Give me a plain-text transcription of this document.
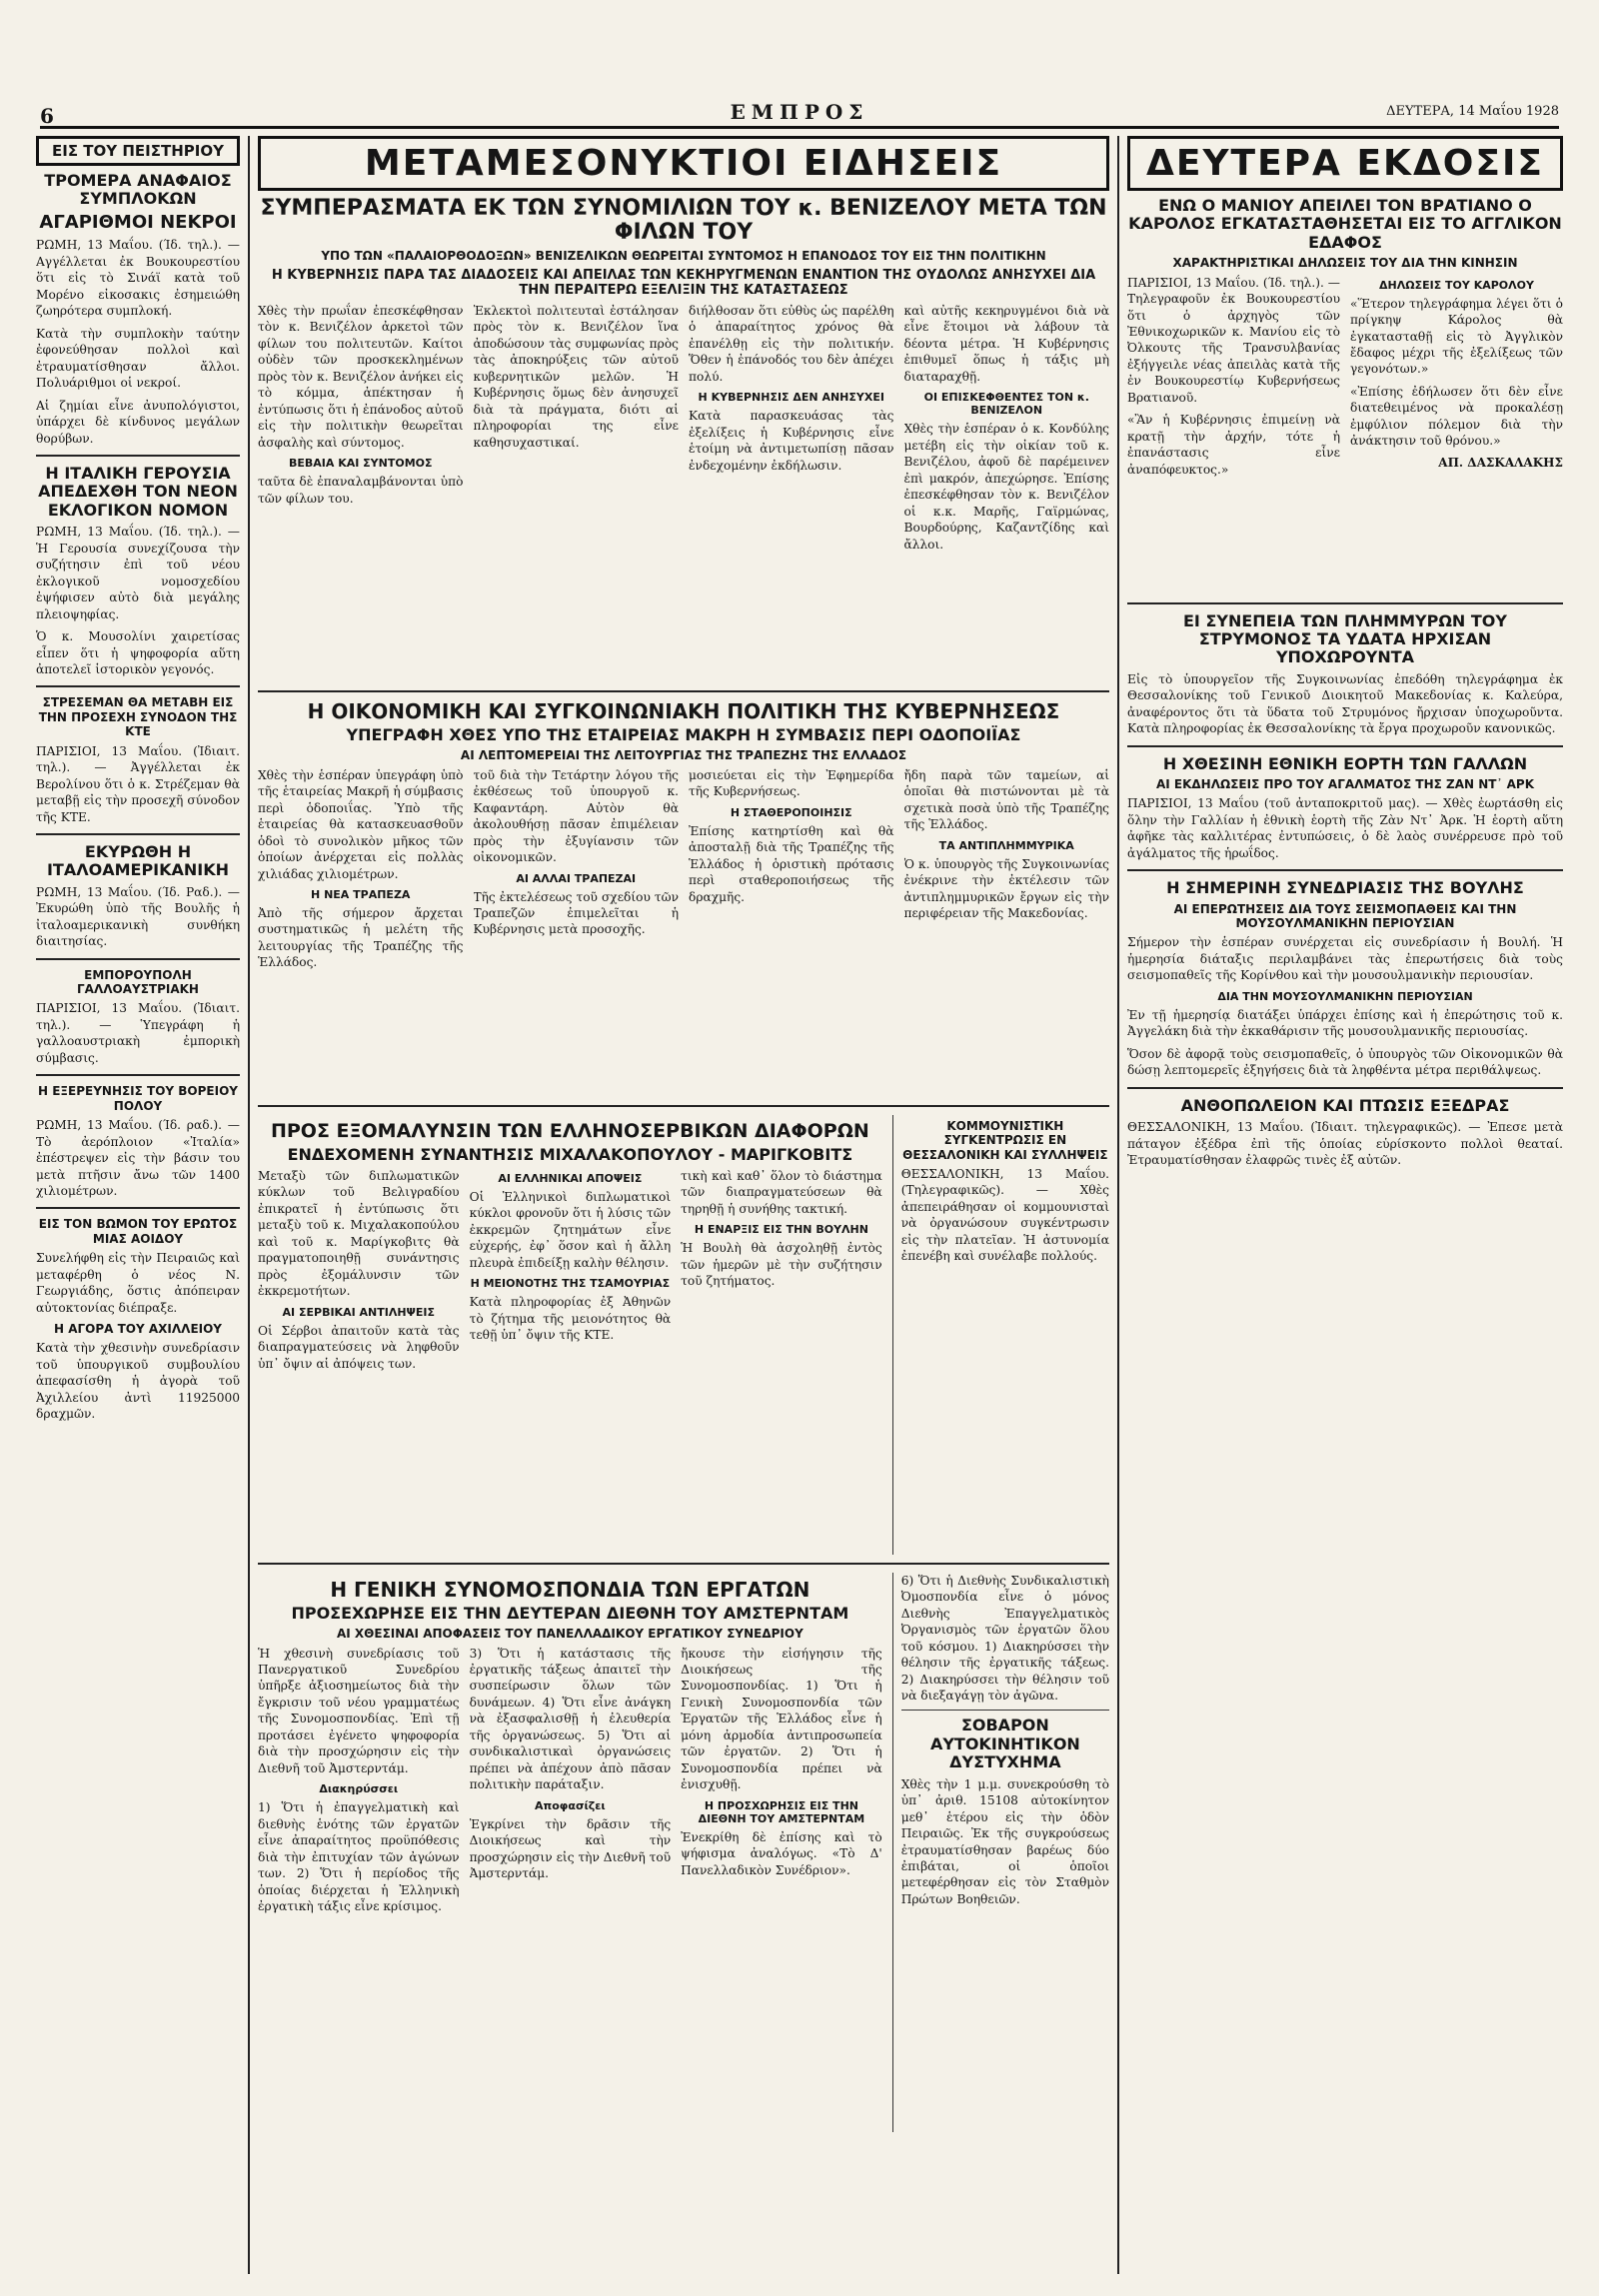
6	ΕΜΠΡΟΣ	ΔΕΥΤΕΡΑ, 14 Μαΐου 1928
ΕΙΣ ΤΟΥ ΠΕΙΣΤΗΡΙΟΥ
ΤΡΟΜΕΡΑ ΑΝΑΦΑΙΟΣ ΣΥΜΠΛΟΚΩΝ
ΑΓΑΡΙΘΜΟΙ ΝΕΚΡΟΙ

ΡΩΜΗ, 13 Μαΐου. (Ίδ. τηλ.). — Αγγέλλεται ἐκ Βουκουρεστίου ὅτι εἰς τὸ Σινάϊ κατὰ τοῦ Μορένο εἰκοσακις ἐσημειώθη ζωηρότερα συμπλοκή.

Κατὰ τὴν συμπλοκὴν ταύτην ἐφονεύθησαν πολλοὶ καὶ ἐτραυματίσθησαν ἄλλοι. Πολυάριθμοι οἱ νεκροί.

Αἱ ζημίαι εἶνε ἀνυπολόγιστοι, ὑπάρχει δὲ κίνδυνος μεγάλων θορύβων.

Η ΙΤΑΛΙΚΗ ΓΕΡΟΥΣΙΑ ΑΠΕΔΕΧΘΗ ΤΟΝ ΝΕΟΝ ΕΚΛΟΓΙΚΟΝ ΝΟΜΟΝ

ΡΩΜΗ, 13 Μαΐου. (Ίδ. τηλ.). — Ἡ Γερουσία συνεχίζουσα τὴν συζήτησιν ἐπὶ τοῦ νέου ἐκλογικοῦ νομοσχεδίου ἐψήφισεν αὐτὸ διὰ μεγάλης πλειοψηφίας.

Ὁ κ. Μουσολίνι χαιρετίσας εἶπεν ὅτι ἡ ψηφοφορία αὕτη ἀποτελεῖ ἱστορικὸν γεγονός.

ΣΤΡΕΣΕΜΑΝ ΘΑ ΜΕΤΑΒΗ ΕΙΣ ΤΗΝ ΠΡΟΣΕΧΗ ΣΥΝΟΔΟΝ ΤΗΣ ΚΤΕ

ΠΑΡΙΣΙΟΙ, 13 Μαΐου. (Ἰδιαιτ. τηλ.). — Ἀγγέλλεται ἐκ Βερολίνου ὅτι ὁ κ. Στρέζεμαν θὰ μεταβῇ εἰς τὴν προσεχῆ σύνοδον τῆς ΚΤΕ.

ΕΚΥΡΩΘΗ Η ΙΤΑΛΟΑΜΕΡΙΚΑΝΙΚΗ

ΡΩΜΗ, 13 Μαΐου. (Ίδ. Ραδ.). — Ἐκυρώθη ὑπὸ τῆς Βουλῆς ἡ ἰταλοαμερικανικὴ συνθήκη διαιτησίας.

ΕΜΠΟΡΟΥΠΟΛΗ ΓΑΛΛΟΑΥΣΤΡΙΑΚΗ

ΠΑΡΙΣΙΟΙ, 13 Μαΐου. (Ἰδιαιτ. τηλ.). — Ὑπεγράφη ἡ γαλλοαυστριακὴ ἐμπορικὴ σύμβασις.

Η ΕΞΕΡΕΥΝΗΣΙΣ ΤΟΥ ΒΟΡΕΙΟΥ ΠΟΛΟΥ

ΡΩΜΗ, 13 Μαΐου. (Ίδ. ραδ.). — Τὸ ἀερόπλοιον «Ἰταλία» ἐπέστρεψεν εἰς τὴν βάσιν του μετὰ πτῆσιν ἄνω τῶν 1400 χιλιομέτρων.

ΕΙΣ ΤΟΝ ΒΩΜΟΝ ΤΟΥ ΕΡΩΤΟΣ ΜΙΑΣ ΑΟΙΔΟΥ

Συνελήφθη εἰς τὴν Πειραιῶς καὶ μεταφέρθη ὁ νέος Ν. Γεωργιάδης, ὅστις ἀπόπειραν αὐτοκτονίας διέπραξε.

Η ΑΓΟΡΑ ΤΟΥ ΑΧΙΛΛΕΙΟΥ

Κατὰ τὴν χθεσινὴν συνεδρίασιν τοῦ ὑπουργικοῦ συμβουλίου ἀπεφασίσθη ἡ ἀγορὰ τοῦ Ἀχιλλείου ἀντὶ 11925000 δραχμῶν.

ΜΕΤΑΜΕΣΟΝΥΚΤΙΟΙ ΕΙΔΗΣΕΙΣ
ΣΥΜΠΕΡΑΣΜΑΤΑ ΕΚ ΤΩΝ ΣΥΝΟΜΙΛΙΩΝ ΤΟΥ κ. ΒΕΝΙΖΕΛΟΥ ΜΕΤΑ ΤΩΝ ΦΙΛΩΝ ΤΟΥ
ΥΠΟ ΤΩΝ «ΠΑΛΑΙΟΡΘΟΔΟΞΩΝ» ΒΕΝΙΖΕΛΙΚΩΝ ΘΕΩΡΕΙΤΑΙ ΣΥΝΤΟΜΟΣ Η ΕΠΑΝΟΔΟΣ ΤΟΥ ΕΙΣ ΤΗΝ ΠΟΛΙΤΙΚΗΝ
Η ΚΥΒΕΡΝΗΣΙΣ ΠΑΡΑ ΤΑΣ ΔΙΑΔΟΣΕΙΣ ΚΑΙ ΑΠΕΙΛΑΣ ΤΩΝ ΚΕΚΗΡΥΓΜΕΝΩΝ ΕΝΑΝΤΙΟΝ ΤΗΣ ΟΥΔΟΛΩΣ ΑΝΗΣΥΧΕΙ ΔΙΑ ΤΗΝ ΠΕΡΑΙΤΕΡΩ ΕΞΕΛΙΞΙΝ ΤΗΣ ΚΑΤΑΣΤΑΣΕΩΣ

Χθὲς τὴν πρωΐαν ἐπεσκέφθησαν τὸν κ. Βενιζέλον ἀρκετοὶ τῶν φίλων του πολιτευτῶν. Καίτοι οὐδὲν τῶν προσκεκλημένων πρὸς τὸν κ. Βενιζέλον ἀνήκει εἰς τὸ κόμμα, ἀπέκτησαν ἡ ἐντύπωσις ὅτι ἡ ἐπάνοδος αὐτοῦ εἰς τὴν πολιτικὴν θεωρεῖται ἀσφαλὴς καὶ σύντομος.

ΒΕΒΑΙΑ ΚΑΙ ΣΥΝΤΟΜΟΣ

ταῦτα δὲ ἐπαναλαμβάνονται ὑπὸ τῶν φίλων του.

Ἐκλεκτοὶ πολιτευταὶ ἐστάλησαν πρὸς τὸν κ. Βενιζέλον ἵνα ἀποδώσουν τὰς συμφωνίας πρὸς τὰς ἀποκηρύξεις τῶν αὐτοῦ κυβερνητικῶν μελῶν. Ἡ Κυβέρνησις ὅμως δὲν ἀνησυχεῖ διὰ τὰ πράγματα, διότι αἱ πληροφορίαι της εἶνε καθησυχαστικαί.

διήλθοσαν ὅτι εὐθὺς ὡς παρέλθη ὁ ἀπαραίτητος χρόνος θὰ ἐπανέλθῃ εἰς τὴν πολιτικήν. Ὅθεν ἡ ἐπάνοδός του δὲν ἀπέχει πολύ.

Η ΚΥΒΕΡΝΗΣΙΣ ΔΕΝ ΑΝΗΣΥΧΕΙ

Κατὰ παρασκευάσας τὰς ἐξελίξεις ἡ Κυβέρνησις εἶνε ἑτοίμη νὰ ἀντιμετωπίσῃ πᾶσαν ἐνδεχομένην ἐκδήλωσιν.

καὶ αὐτῆς κεκηρυγμένοι διὰ νὰ εἶνε ἕτοιμοι νὰ λάβουν τὰ δέοντα μέτρα. Ἡ Κυβέρνησις ἐπιθυμεῖ ὅπως ἡ τάξις μὴ διαταραχθῇ.

ΟΙ ΕΠΙΣΚΕΦΘΕΝΤΕΣ ΤΟΝ κ. ΒΕΝΙΖΕΛΟΝ

Χθὲς τὴν ἑσπέραν ὁ κ. Κονδύλης μετέβη εἰς τὴν οἰκίαν τοῦ κ. Βενιζέλου, ἀφοῦ δὲ παρέμεινεν ἐπὶ μακρόν, ἀπεχώρησε. Ἐπίσης ἐπεσκέφθησαν τὸν κ. Βενιζέλον οἱ κ.κ. Μαρῆς, Γαϊρμώνας, Βουρδούρης, Καζαντζίδης καὶ ἄλλοι.

Η ΟΙΚΟΝΟΜΙΚΗ ΚΑΙ ΣΥΓΚΟΙΝΩΝΙΑΚΗ ΠΟΛΙΤΙΚΗ ΤΗΣ ΚΥΒΕΡΝΗΣΕΩΣ
ΥΠΕΓΡΑΦΗ ΧΘΕΣ ΥΠΟ ΤΗΣ ΕΤΑΙΡΕΙΑΣ ΜΑΚΡΗ Η ΣΥΜΒΑΣΙΣ ΠΕΡΙ ΟΔΟΠΟΙΪΑΣ
ΑΙ ΛΕΠΤΟΜΕΡΕΙΑΙ ΤΗΣ ΛΕΙΤΟΥΡΓΙΑΣ ΤΗΣ ΤΡΑΠΕΖΗΣ ΤΗΣ ΕΛΛΑΔΟΣ

Χθὲς τὴν ἑσπέραν ὑπεγράφη ὑπὸ τῆς ἑταιρείας Μακρῆ ἡ σύμβασις περὶ ὁδοποιΐας. Ὑπὸ τῆς ἑταιρείας θὰ κατασκευασθοῦν ὁδοὶ τὸ συνολικὸν μῆκος τῶν ὁποίων ἀνέρχεται εἰς πολλὰς χιλιάδας χιλιομέτρων.

Η ΝΕΑ ΤΡΑΠΕΖΑ

Ἀπὸ τῆς σήμερον ἄρχεται συστηματικῶς ἡ μελέτη τῆς λειτουργίας τῆς Τραπέζης τῆς Ἑλλάδος.

τοῦ διὰ τὴν Τετάρτην λόγου τῆς ἐκθέσεως τοῦ ὑπουργοῦ κ. Καφαντάρη. Αὐτὸν θὰ ἀκολουθήσῃ πᾶσαν ἐπιμέλειαν πρὸς τὴν ἐξυγίανσιν τῶν οἰκονομικῶν.

ΑΙ ΑΛΛΑΙ ΤΡΑΠΕΖΑΙ

Τῆς ἐκτελέσεως τοῦ σχεδίου τῶν Τραπεζῶν ἐπιμελεῖται ἡ Κυβέρνησις μετὰ προσοχῆς.

μοσιεύεται εἰς τὴν Ἐφημερίδα τῆς Κυβερνήσεως.

Η ΣΤΑΘΕΡΟΠΟΙΗΣΙΣ

Ἐπίσης κατηρτίσθη καὶ θὰ ἀποσταλῇ διὰ τῆς Τραπέζης τῆς Ἑλλάδος ἡ ὁριστικὴ πρότασις περὶ σταθεροποιήσεως τῆς δραχμῆς.

ἤδη παρὰ τῶν ταμείων, αἱ ὁποῖαι θὰ πιστώνονται μὲ τὰ σχετικὰ ποσὰ ὑπὸ τῆς Τραπέζης τῆς Ἑλλάδος.

ΤΑ ΑΝΤΙΠΛΗΜΜΥΡΙΚΑ

Ὁ κ. ὑπουργὸς τῆς Συγκοινωνίας ἐνέκρινε τὴν ἐκτέλεσιν τῶν ἀντιπλημμυρικῶν ἔργων εἰς τὴν περιφέρειαν τῆς Μακεδονίας.

ΠΡΟΣ ΕΞΟΜΑΛΥΝΣΙΝ ΤΩΝ ΕΛΛΗΝΟΣΕΡΒΙΚΩΝ ΔΙΑΦΟΡΩΝ
ΕΝΔΕΧΟΜΕΝΗ ΣΥΝΑΝΤΗΣΙΣ ΜΙΧΑΛΑΚΟΠΟΥΛΟΥ - ΜΑΡΙΓΚΟΒΙΤΣ

Μεταξὺ τῶν διπλωματικῶν κύκλων τοῦ Βελιγραδίου ἐπικρατεῖ ἡ ἐντύπωσις ὅτι μεταξὺ τοῦ κ. Μιχαλακοπούλου καὶ τοῦ κ. Μαρίγκοβιτς θὰ πραγματοποιηθῇ συνάντησις πρὸς ἐξομάλυνσιν τῶν ἐκκρεμοτήτων.

ΑΙ ΣΕΡΒΙΚΑΙ ΑΝΤΙΛΗΨΕΙΣ

Οἱ Σέρβοι ἀπαιτοῦν κατὰ τὰς διαπραγματεύσεις νὰ ληφθοῦν ὑπ᾿ ὄψιν αἱ ἀπόψεις των.

ΑΙ ΕΛΛΗΝΙΚΑΙ ΑΠΟΨΕΙΣ

Οἱ Ἑλληνικοὶ διπλωματικοὶ κύκλοι φρονοῦν ὅτι ἡ λύσις τῶν ἐκκρεμῶν ζητημάτων εἶνε εὐχερής, ἐφ᾿ ὅσον καὶ ἡ ἄλλη πλευρὰ ἐπιδείξῃ καλὴν θέλησιν.

Η ΜΕΙΟΝΟΤΗΣ ΤΗΣ ΤΣΑΜΟΥΡΙΑΣ

Κατὰ πληροφορίας ἐξ Ἀθηνῶν τὸ ζήτημα τῆς μειονότητος θὰ τεθῇ ὑπ᾿ ὄψιν τῆς ΚΤΕ.

τικὴ καὶ καθ᾿ ὅλον τὸ διάστημα τῶν διαπραγματεύσεων θὰ τηρηθῇ ἡ συνήθης τακτική.

Η ΕΝΑΡΞΙΣ ΕΙΣ ΤΗΝ ΒΟΥΛΗΝ

Ἡ Βουλὴ θὰ ἀσχοληθῇ ἐντὸς τῶν ἡμερῶν μὲ τὴν συζήτησιν τοῦ ζητήματος.

ΚΟΜΜΟΥΝΙΣΤΙΚΗ ΣΥΓΚΕΝΤΡΩΣΙΣ ΕΝ ΘΕΣΣΑΛΟΝΙΚΗ ΚΑΙ ΣΥΛΛΗΨΕΙΣ

ΘΕΣΣΑΛΟΝΙΚΗ, 13 Μαΐου. (Τηλεγραφικῶς). — Χθὲς ἀπεπειράθησαν οἱ κομμουνισταὶ νὰ ὀργανώσουν συγκέντρωσιν εἰς τὴν πλατεῖαν. Ἡ ἀστυνομία ἐπενέβη καὶ συνέλαβε πολλούς.

Η ΓΕΝΙΚΗ ΣΥΝΟΜΟΣΠΟΝΔΙΑ ΤΩΝ ΕΡΓΑΤΩΝ
ΠΡΟΣΕΧΩΡΗΣΕ ΕΙΣ ΤΗΝ ΔΕΥΤΕΡΑΝ ΔΙΕΘΝΗ ΤΟΥ ΑΜΣΤΕΡΝΤΑΜ
ΑΙ ΧΘΕΣΙΝΑΙ ΑΠΟΦΑΣΕΙΣ ΤΟΥ ΠΑΝΕΛΛΑΔΙΚΟΥ ΕΡΓΑΤΙΚΟΥ ΣΥΝΕΔΡΙΟΥ

Ἡ χθεσινὴ συνεδρίασις τοῦ Πανεργατικοῦ Συνεδρίου ὑπῆρξε ἀξιοσημείωτος διὰ τὴν ἔγκρισιν τοῦ νέου γραμματέως τῆς Συνομοσπονδίας. Ἐπὶ τῇ προτάσει ἐγένετο ψηφοφορία διὰ τὴν προσχώρησιν εἰς τὴν Διεθνῆ τοῦ Ἀμστερντάμ.

Διακηρύσσει

1) Ὅτι ἡ ἐπαγγελματικὴ καὶ διεθνὴς ἑνότης τῶν ἐργατῶν εἶνε ἀπαραίτητος προϋπόθεσις διὰ τὴν ἐπιτυχίαν τῶν ἀγώνων των. 2) Ὅτι ἡ περίοδος τῆς ὁποίας διέρχεται ἡ Ἑλληνικὴ ἐργατικὴ τάξις εἶνε κρίσιμος.

3) Ὅτι ἡ κατάστασις τῆς ἐργατικῆς τάξεως ἀπαιτεῖ τὴν συσπείρωσιν ὅλων τῶν δυνάμεων. 4) Ὅτι εἶνε ἀνάγκη νὰ ἐξασφαλισθῇ ἡ ἐλευθερία τῆς ὀργανώσεως. 5) Ὅτι αἱ συνδικαλιστικαὶ ὀργανώσεις πρέπει νὰ ἀπέχουν ἀπὸ πᾶσαν πολιτικὴν παράταξιν.

Αποφασίζει

Ἐγκρίνει τὴν δρᾶσιν τῆς Διοικήσεως καὶ τὴν προσχώρησιν εἰς τὴν Διεθνῆ τοῦ Ἀμστερντάμ.

ἤκουσε τὴν εἰσήγησιν τῆς Διοικήσεως τῆς Συνομοσπονδίας. 1) Ὅτι ἡ Γενικὴ Συνομοσπονδία τῶν Ἐργατῶν τῆς Ἑλλάδος εἶνε ἡ μόνη ἀρμοδία ἀντιπροσωπεία τῶν ἐργατῶν. 2) Ὅτι ἡ Συνομοσπονδία πρέπει νὰ ἐνισχυθῇ.

Η ΠΡΟΣΧΩΡΗΣΙΣ ΕΙΣ ΤΗΝ ΔΙΕΘΝΗ ΤΟΥ ΑΜΣΤΕΡΝΤΑΜ

Ἐνεκρίθη δὲ ἐπίσης καὶ τὸ ψήφισμα ἀναλόγως. «Τὸ Δ' Πανελλαδικὸν Συνέδριον».

6) Ὅτι ἡ Διεθνὴς Συνδικαλιστικὴ Ὀμοσπονδία εἶνε ὁ μόνος Διεθνὴς Ἐπαγγελματικὸς Ὀργανισμὸς τῶν ἐργατῶν ὅλου τοῦ κόσμου. 1) Διακηρύσσει τὴν θέλησιν τῆς ἐργατικῆς τάξεως. 2) Διακηρύσσει τὴν θέλησιν τοῦ νὰ διεξαγάγῃ τὸν ἀγῶνα.

ΣΟΒΑΡΟΝ ΑΥΤΟΚΙΝΗΤΙΚΟΝ ΔΥΣΤΥΧΗΜΑ

Χθὲς τὴν 1 μ.μ. συνεκρούσθη τὸ ὑπ᾿ ἀριθ. 15108 αὐτοκίνητον μεθ᾿ ἑτέρου εἰς τὴν ὁδὸν Πειραιῶς. Ἐκ τῆς συγκρούσεως ἐτραυματίσθησαν βαρέως δύο ἐπιβάται, οἱ ὁποῖοι μετεφέρθησαν εἰς τὸν Σταθμὸν Πρώτων Βοηθειῶν.

ΔΕΥΤΕΡΑ ΕΚΔΟΣΙΣ
ΕΝΩ Ο ΜΑΝΙΟΥ ΑΠΕΙΛΕΙ ΤΟΝ ΒΡΑΤΙΑΝΟ Ο ΚΑΡΟΛΟΣ ΕΓΚΑΤΑΣΤΑΘΗΣΕΤΑΙ ΕΙΣ ΤΟ ΑΓΓΛΙΚΟΝ ΕΔΑΦΟΣ
ΧΑΡΑΚΤΗΡΙΣΤΙΚΑΙ ΔΗΛΩΣΕΙΣ ΤΟΥ ΔΙΑ ΤΗΝ ΚΙΝΗΣΙΝ

ΠΑΡΙΣΙΟΙ, 13 Μαΐου. (Ίδ. τηλ.). — Τηλεγραφοῦν ἐκ Βουκουρεστίου ὅτι ὁ ἀρχηγὸς τῶν Ἐθνικοχωρικῶν κ. Μανίου εἰς τὸ Ὀλκουτς τῆς Τρανσυλβανίας ἐξήγγειλε νέας ἀπειλὰς κατὰ τῆς ἐν Βουκουρεστίῳ Κυβερνήσεως Βρατιανοῦ.

«Ἂν ἡ Κυβέρνησις ἐπιμείνῃ νὰ κρατῇ τὴν ἀρχήν, τότε ἡ ἐπανάστασις εἶνε ἀναπόφευκτος.»

ΔΗΛΩΣΕΙΣ ΤΟΥ ΚΑΡΟΛΟΥ

«Ἕτερον τηλεγράφημα λέγει ὅτι ὁ πρίγκηψ Κάρολος θὰ ἐγκατασταθῇ εἰς τὸ Ἀγγλικὸν ἔδαφος μέχρι τῆς ἐξελίξεως τῶν γεγονότων.»

«Ἐπίσης ἐδήλωσεν ὅτι δὲν εἶνε διατεθειμένος νὰ προκαλέσῃ ἐμφύλιον πόλεμον διὰ τὴν ἀνάκτησιν τοῦ θρόνου.»

ΑΠ. ΔΑΣΚΑΛΑΚΗΣ
ΕΙ ΣΥΝΕΠΕΙΑ ΤΩΝ ΠΛΗΜΜΥΡΩΝ ΤΟΥ ΣΤΡΥΜΟΝΟΣ ΤΑ ΥΔΑΤΑ ΗΡΧΙΣΑΝ ΥΠΟΧΩΡΟΥΝΤΑ

Εἰς τὸ ὑπουργεῖον τῆς Συγκοινωνίας ἐπεδόθη τηλεγράφημα ἐκ Θεσσαλονίκης τοῦ Γενικοῦ Διοικητοῦ Μακεδονίας κ. Καλεύρα, ἀναφέροντος ὅτι τὰ ὕδατα τοῦ Στρυμόνος ἤρχισαν ὑποχωροῦντα. Κατὰ πληροφορίας ἐκ Θεσσαλονίκης τὰ ἔργα προχωροῦν κανονικῶς.

Η ΧΘΕΣΙΝΗ ΕΘΝΙΚΗ ΕΟΡΤΗ ΤΩΝ ΓΑΛΛΩΝ
ΑΙ ΕΚΔΗΛΩΣΕΙΣ ΠΡΟ ΤΟΥ ΑΓΑΛΜΑΤΟΣ ΤΗΣ ΖΑΝ ΝΤ᾿ ΑΡΚ

ΠΑΡΙΣΙΟΙ, 13 Μαΐου (τοῦ ἀνταποκριτοῦ μας). — Χθὲς ἐωρτάσθη εἰς ὅλην τὴν Γαλλίαν ἡ ἐθνικὴ ἑορτὴ τῆς Ζὰν Ντ᾿ Ἀρκ. Ἡ ἑορτὴ αὕτη ἀφῆκε τὰς καλλιτέρας ἐντυπώσεις, ὁ δὲ λαὸς συνέρρευσε πρὸ τοῦ ἀγάλματος τῆς ἡρωΐδος.

Η ΣΗΜΕΡΙΝΗ ΣΥΝΕΔΡΙΑΣΙΣ ΤΗΣ ΒΟΥΛΗΣ
ΑΙ ΕΠΕΡΩΤΗΣΕΙΣ ΔΙΑ ΤΟΥΣ ΣΕΙΣΜΟΠΑΘΕΙΣ ΚΑΙ ΤΗΝ ΜΟΥΣΟΥΛΜΑΝΙΚΗΝ ΠΕΡΙΟΥΣΙΑΝ

Σήμερον τὴν ἑσπέραν συνέρχεται εἰς συνεδρίασιν ἡ Βουλή. Ἡ ἡμερησία διάταξις περιλαμβάνει τὰς ἐπερωτήσεις διὰ τοὺς σεισμοπαθεῖς τῆς Κορίνθου καὶ τὴν μουσουλμανικὴν περιουσίαν.

ΔΙΑ ΤΗΝ ΜΟΥΣΟΥΛΜΑΝΙΚΗΝ ΠΕΡΙΟΥΣΙΑΝ

Ἐν τῇ ἡμερησίᾳ διατάξει ὑπάρχει ἐπίσης καὶ ἡ ἐπερώτησις τοῦ κ. Ἀγγελάκη διὰ τὴν ἐκκαθάρισιν τῆς μουσουλμανικῆς περιουσίας.

Ὅσον δὲ ἀφορᾷ τοὺς σεισμοπαθεῖς, ὁ ὑπουργὸς τῶν Οἰκονομικῶν θὰ δώσῃ λεπτομερεῖς ἐξηγήσεις διὰ τὰ ληφθέντα μέτρα περιθάλψεως.

ΑΝΘΟΠΩΛΕΙΟΝ ΚΑΙ ΠΤΩΣΙΣ ΕΞΕΔΡΑΣ

ΘΕΣΣΑΛΟΝΙΚΗ, 13 Μαΐου. (Ἰδιαιτ. τηλεγραφικῶς). — Ἐπεσε μετὰ πάταγον ἐξέδρα ἐπὶ τῆς ὁποίας εὑρίσκοντο πολλοὶ θεαταί. Ἐτραυματίσθησαν ἐλαφρῶς τινὲς ἐξ αὐτῶν.
